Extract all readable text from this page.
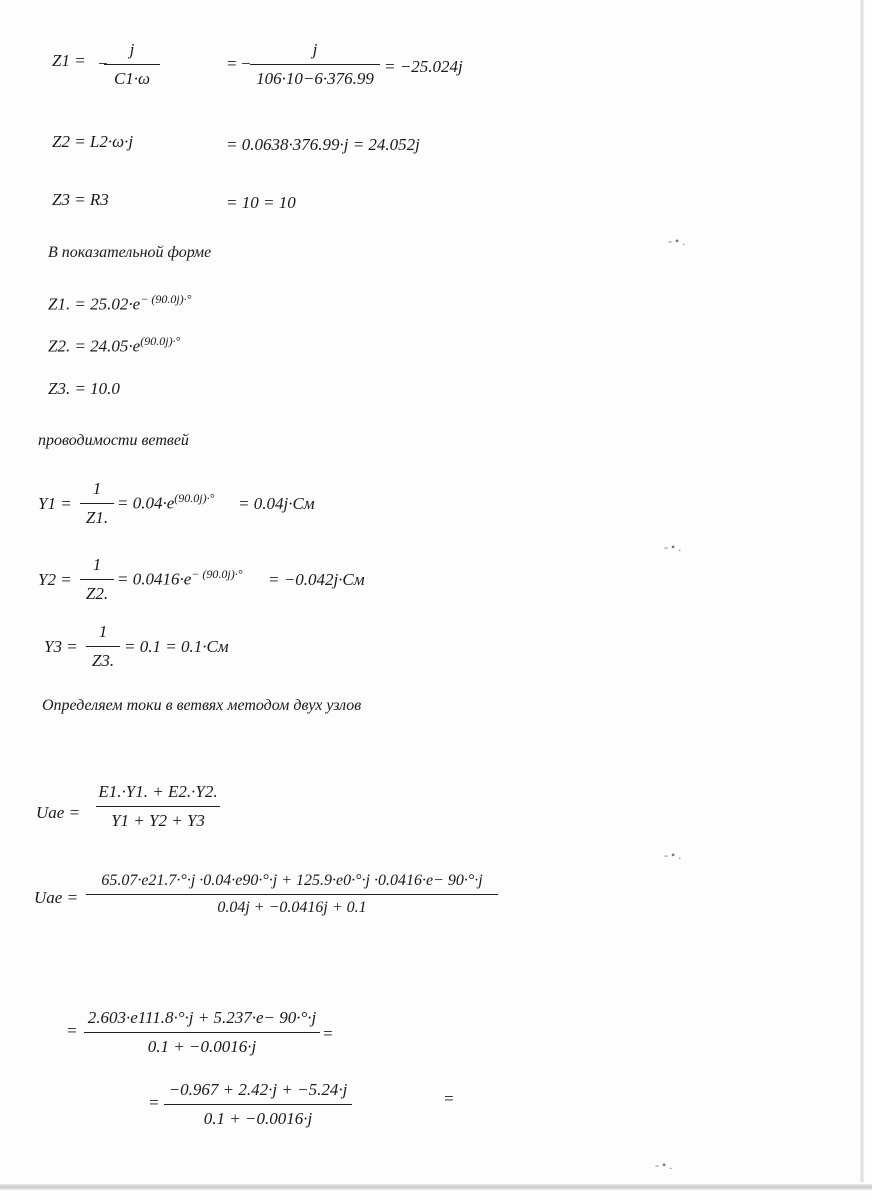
- • .
- • .
- • .
- • .
Z1 = −
$\frac{j}{C1\cdot\omega}$	= −
$\frac{j}{106\cdot 10-6\cdot 376.99} = -25.024j$
Z2 = L2·ω·j	= 0.0638·376.99·j = 24.052j
Z3 = R3	= 10 = 10
В показательной форме
Z1. = $25.02\cdot e^{- (90.0j)\cdot^\circ}$
Z2. = $24.05\cdot e^{(90.0j)\cdot^\circ}$
Z3. = 10.0
проводимости ветвей
$Y1 = \frac{1}{Z1.} = 0.04\cdot e^{(90.0j)\cdot^\circ} = 0.04j\cdot См$
$Y2 = \frac{1}{Z2.} = 0.0416\cdot e^{- (90.0j)\cdot^\circ} = -0.042j\cdot См$
$Y3 = \frac{1}{Z3.} = 0.1 = 0.1\cdot См$
Определяем токи в ветвях методом двух узлов
Uae = $\frac{E1.\cdot Y1. + E2.\cdot Y2.}{Y1 + Y2 + Y3}$
Uae =
65.07·e21.7·°·j ·0.04·e90·°·j + 125.9·e0·°·j ·0.0416·e− 90·°·j
0.04j + −0.0416j + 0.1
= $\frac{2.603\cdot e111.8\cdot^\circ\cdot j + 5.237\cdot e- 90\cdot^\circ\cdot j}{0.1 + -0.0016\cdot j}$ =
= $\frac{-0.967 + 2.42\cdot j + -5.24\cdot j}{0.1 + -0.0016\cdot j}$	=
